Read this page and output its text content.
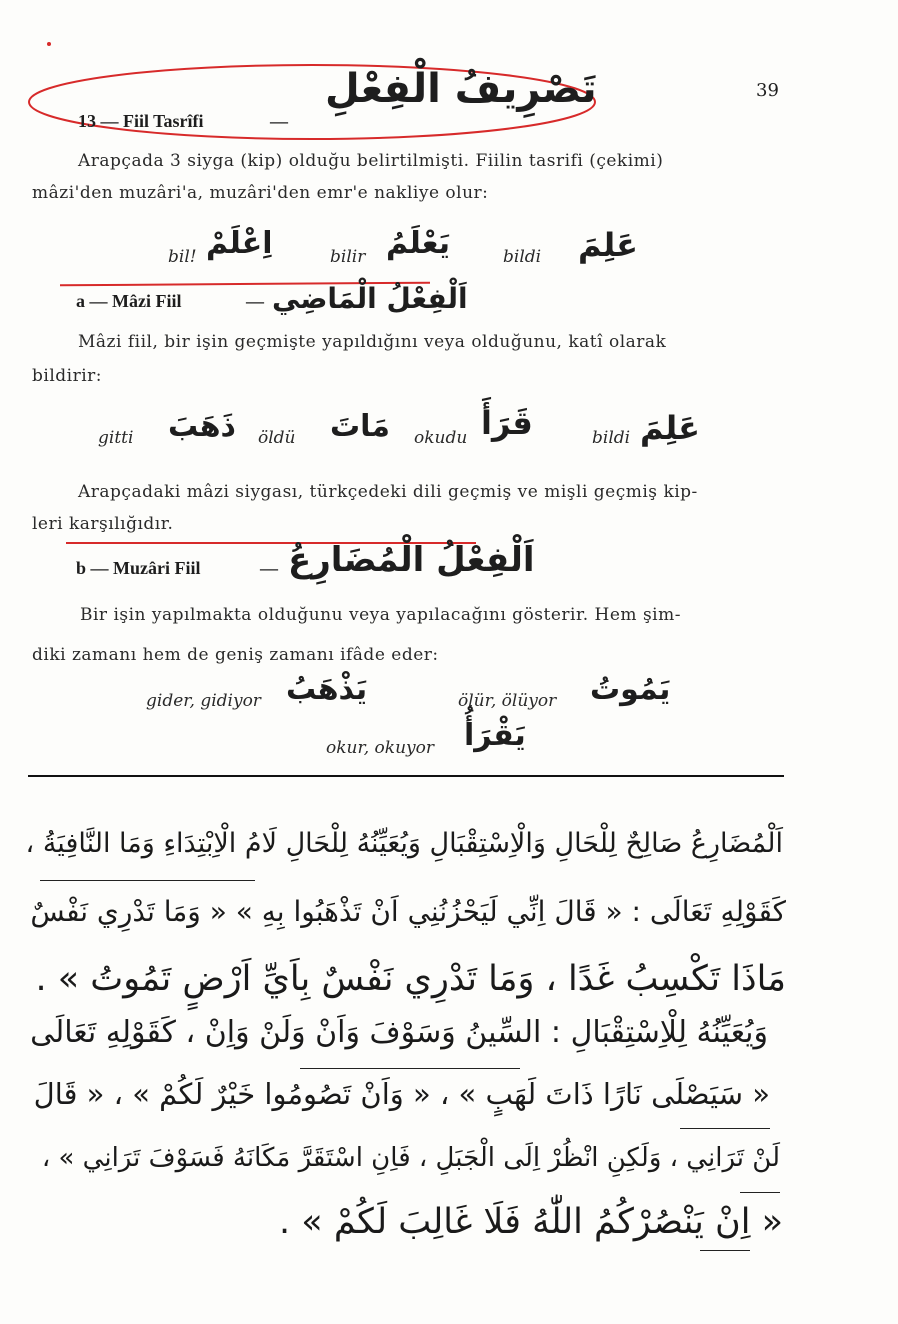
39
13 — Fiil Tasrîfi	—
تَصْرِيفُ الْفِعْلِ
Arapçada 3 siyga (kip) olduğu belirtilmişti. Fiilin tasrifi (çekimi)
mâzi'den muzâri'a, muzâri'den emr'e nakliye olur:
bil! اِعْلَمْ	bilir يَعْلَمُ	bildi عَلِمَ
a — Mâzi Fiil	— اَلْفِعْلُ الْمَاضِي
Mâzi fiil, bir işin geçmişte yapıldığını veya olduğunu, katî olarak
bildirir:
gitti ذَهَبَ öldü مَاتَ okudu قَرَأَ	bildi عَلِمَ
Arapçadaki mâzi siygası, türkçedeki dili geçmiş ve mişli geçmiş kip-
leri karşılığıdır.
b — Muzâri Fiil	— اَلْفِعْلُ الْمُضَارِعُ
Bir işin yapılmakta olduğunu veya yapılacağını gösterir. Hem şim-
diki zamanı hem de geniş zamanı ifâde eder:
gider, gidiyor يَذْهَبُ	ölür, ölüyor يَمُوتُ
okur, okuyor يَقْرَأُ
اَلْمُضَارِعُ صَالِحٌ لِلْحَالِ وَالْاِسْتِقْبَالِ وَيُعَيِّنُهُ لِلْحَالِ لَامُ الْاِبْتِدَاءِ وَمَا النَّافِيَةُ ،
كَقَوْلِهِ تَعَالَى : « قَالَ اِنِّي لَيَحْزُنُنِي اَنْ تَذْهَبُوا بِهِ » « وَمَا تَدْرِي نَفْسٌ
مَاذَا تَكْسِبُ غَدًا ، وَمَا تَدْرِي نَفْسٌ بِاَيِّ اَرْضٍ تَمُوتُ » .
وَيُعَيِّنُهُ لِلْاِسْتِقْبَالِ : السِّينُ وَسَوْفَ وَاَنْ وَلَنْ وَاِنْ ، كَقَوْلِهِ تَعَالَى
« سَيَصْلَى نَارًا ذَاتَ لَهَبٍ » ، « وَاَنْ تَصُومُوا خَيْرٌ لَكُمْ » ، « قَالَ
لَنْ تَرَانِي ، وَلَكِنِ انْظُرْ اِلَى الْجَبَلِ ، فَاِنِ اسْتَقَرَّ مَكَانَهُ فَسَوْفَ تَرَانِي » ،
« اِنْ يَنْصُرْكُمُ اللّٰهُ فَلَا غَالِبَ لَكُمْ » .
